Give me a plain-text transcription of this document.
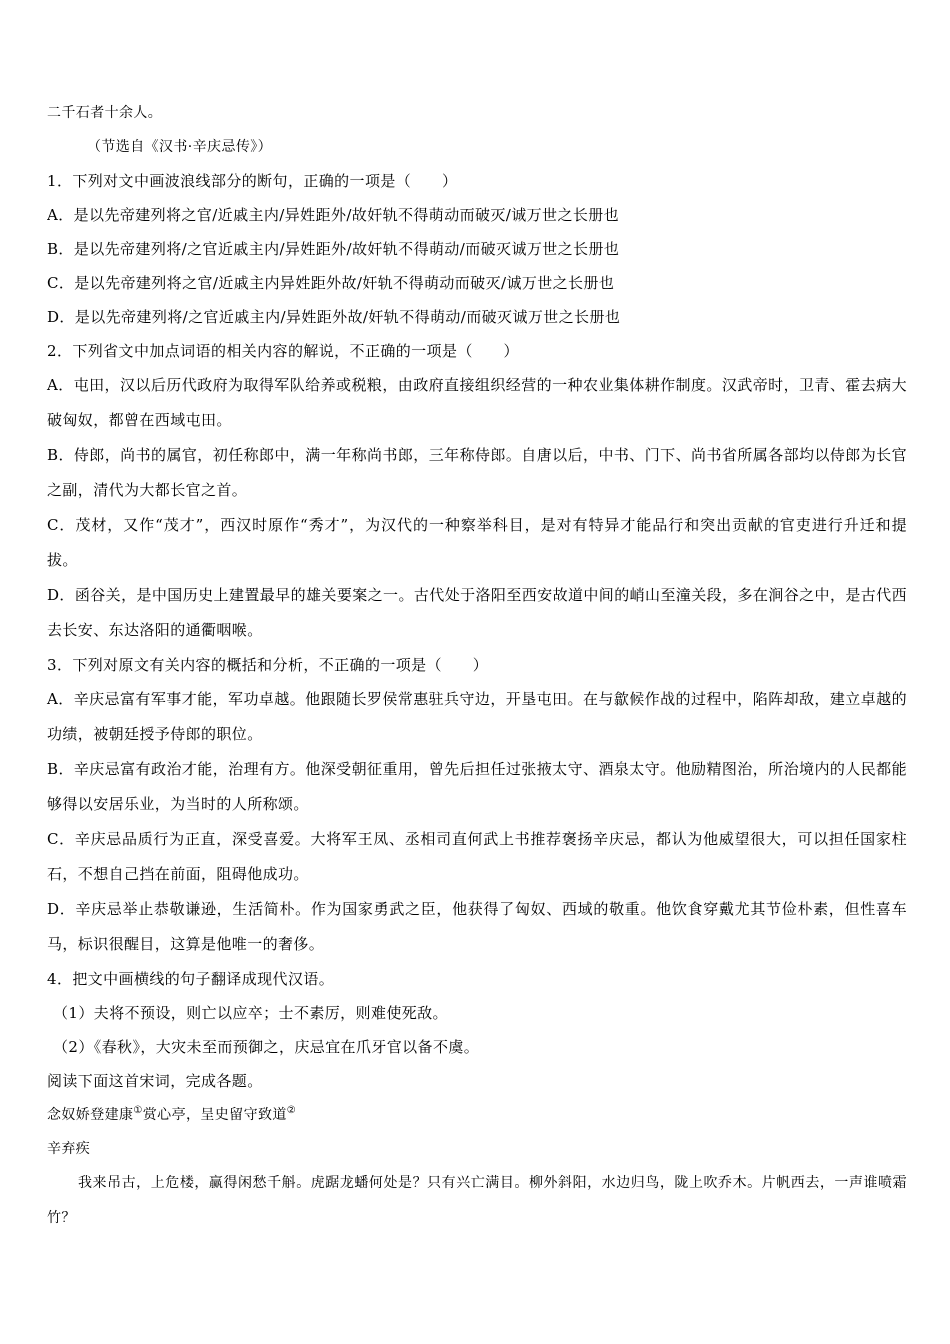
二千石者十余人。
（节选自《汉书·辛庆忌传》）
1．下列对文中画波浪线部分的断句，正确的一项是（　　）
A．是以先帝建列将之官/近戚主内/异姓距外/故奸轨不得萌动而破灭/诚万世之长册也
B．是以先帝建列将/之官近戚主内/异姓距外/故奸轨不得萌动/而破灭诚万世之长册也
C．是以先帝建列将之官/近戚主内异姓距外故/奸轨不得萌动而破灭/诚万世之长册也
D．是以先帝建列将/之官近戚主内/异姓距外故/奸轨不得萌动/而破灭诚万世之长册也
2．下列省文中加点词语的相关内容的解说，不正确的一项是（　　）
A．屯田，汉以后历代政府为取得军队给养或税粮，由政府直接组织经营的一种农业集体耕作制度。汉武帝时，卫青、霍去病大破匈奴，都曾在西域屯田。
B．侍郎，尚书的属官，初任称郎中，满一年称尚书郎，三年称侍郎。自唐以后，中书、门下、尚书省所属各部均以侍郎为长官之副，清代为大都长官之首。
C．茂材，又作“茂才”，西汉时原作“秀才”，为汉代的一种察举科目，是对有特异才能品行和突出贡献的官吏进行升迁和提拔。
D．函谷关，是中国历史上建置最早的雄关要案之一。古代处于洛阳至西安故道中间的峭山至潼关段，多在涧谷之中，是古代西去长安、东达洛阳的通衢咽喉。
3．下列对原文有关内容的概括和分析，不正确的一项是（　　）
A．辛庆忌富有军事才能，军功卓越。他跟随长罗侯常惠驻兵守边，开垦屯田。在与歙候作战的过程中，陷阵却敌，建立卓越的功绩，被朝廷授予侍郎的职位。
B．辛庆忌富有政治才能，治理有方。他深受朝征重用，曾先后担任过张掖太守、酒泉太守。他励精图治，所治境内的人民都能够得以安居乐业，为当时的人所称颂。
C．辛庆忌品质行为正直，深受喜爱。大将军王凤、丞相司直何武上书推荐褒扬辛庆忌，都认为他威望很大，可以担任国家柱石，不想自己挡在前面，阻碍他成功。
D．辛庆忌举止恭敬谦逊，生活简朴。作为国家勇武之臣，他获得了匈奴、西域的敬重。他饮食穿戴尤其节俭朴素，但性喜车马，标识很醒目，这算是他唯一的奢侈。
4．把文中画横线的句子翻译成现代汉语。
（1）夫将不预设，则亡以应卒；士不素厉，则难使死敌。
（2）《春秋》，大灾未至而预御之，庆忌宜在爪牙官以备不虞。
阅读下面这首宋词，完成各题。
念奴娇登建康①赏心亭，呈史留守致道②
辛弃疾
我来吊古，上危楼，赢得闲愁千斛。虎踞龙蟠何处是？只有兴亡满目。柳外斜阳，水边归鸟，陇上吹乔木。片帆西去，一声谁喷霜竹？
